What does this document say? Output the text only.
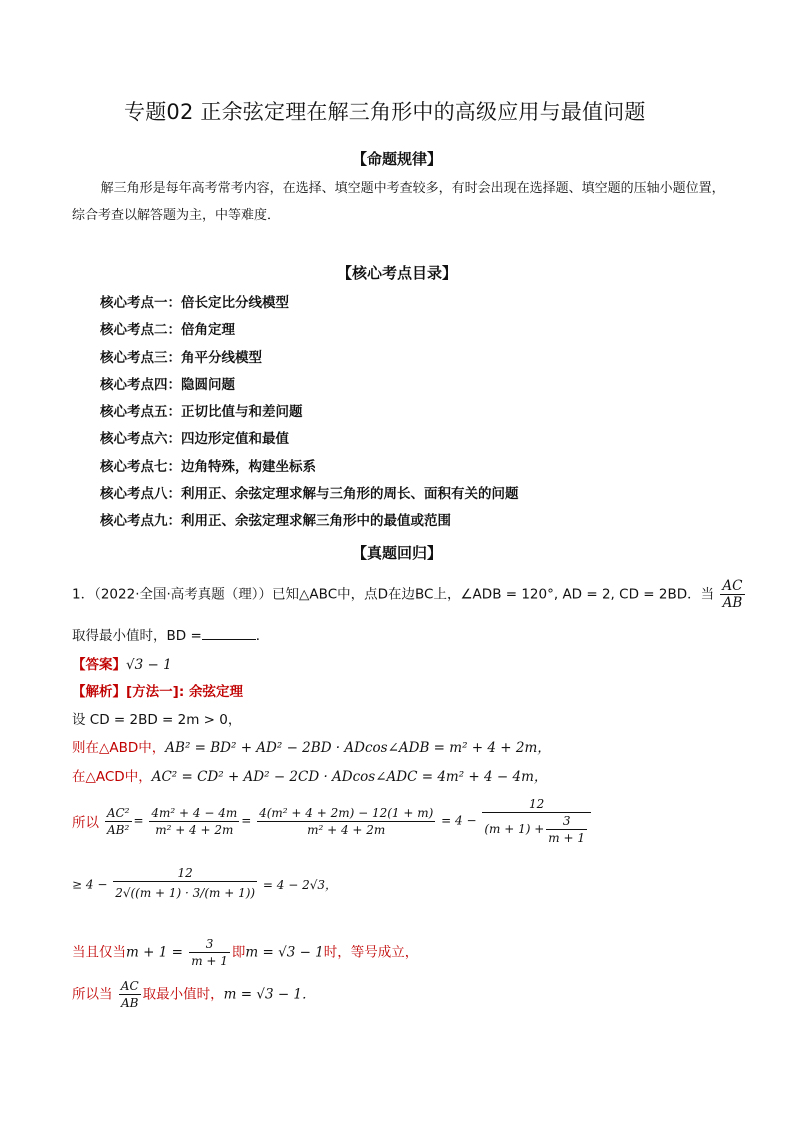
专题02 正余弦定理在解三角形中的高级应用与最值问题
【命题规律】
解三角形是每年高考常考内容，在选择、填空题中考查较多，有时会出现在选择题、填空题的压轴小题位置，综合考查以解答题为主，中等难度．
【核心考点目录】
核心考点一：倍长定比分线模型
核心考点二：倍角定理
核心考点三：角平分线模型
核心考点四：隐圆问题
核心考点五：正切比值与和差问题
核心考点六：四边形定值和最值
核心考点七：边角特殊，构建坐标系
核心考点八：利用正、余弦定理求解与三角形的周长、面积有关的问题
核心考点九：利用正、余弦定理求解三角形中的最值或范围
【真题回归】
1．（2022·全国·高考真题（理））已知△ABC中，点D在边BC上，∠ADB = 120°, AD = 2, CD = 2BD．当 $\frac{AC}{AB}$
取得最小值时，BD =	．
【答案】√3 − 1
【解析】[方法一]: 余弦定理
设 CD = 2BD = 2m > 0，
则在△ABD中，AB² = BD² + AD² − 2BD · ADcos∠ADB = m² + 4 + 2m，
在△ACD中，AC² = CD² + AD² − 2CD · ADcos∠ADC = 4m² + 4 − 4m，
所以 $\frac{\text{AC²}}{\text{AB²}} = \frac{\text{4m² + 4 − 4m}}{\text{m² + 4 + 2m}} = \frac{\text{4(m² + 4 + 2m) − 12(1 + m)}}{\text{m² + 4 + 2m}} = 4 - \frac{12}{(m + 1) + \frac{3}{m + 1}}$
≥ $4 - \frac{12}{2√((m + 1) \cdot 3/(m + 1))} = 4 - 2√3$，
当且仅当$m + 1 = \frac{3}{m + 1}$ 即m = √3 − 1时，等号成立，
所以当 $\frac{AC}{AB}$ 取最小值时，m = √3 − 1．
